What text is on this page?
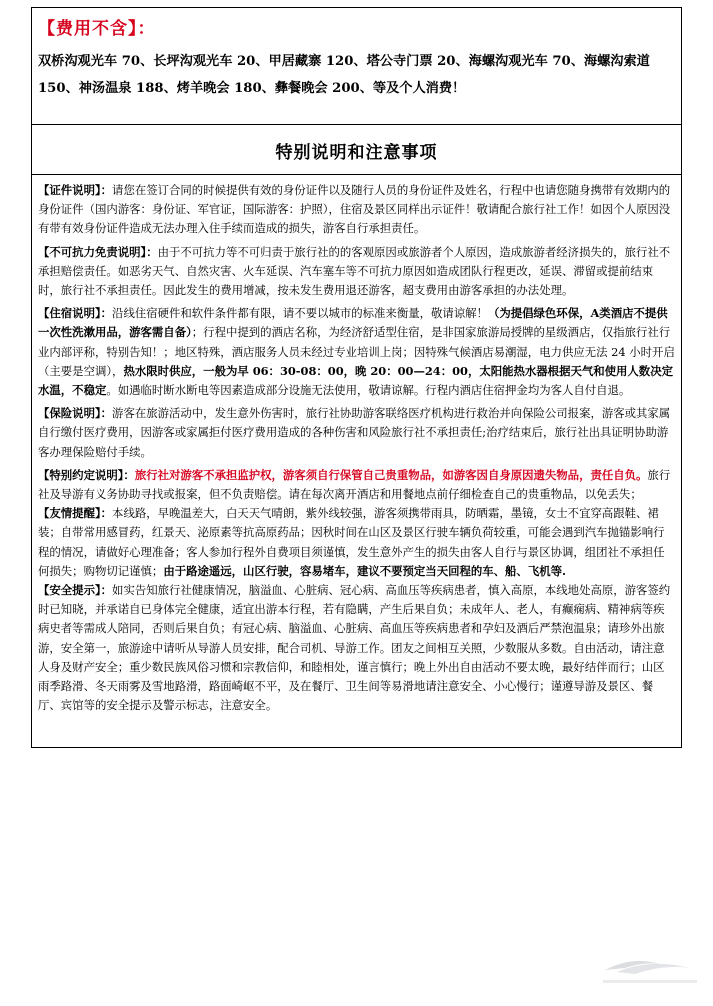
【费用不含】：
双桥沟观光车 70、长坪沟观光车 20、甲居藏寨 120、塔公寺门票 20、海螺沟观光车 70、海螺沟索道 150、神汤温泉 188、烤羊晚会 180、彝餐晚会 200、等及个人消费！
特别说明和注意事项

【证件说明】：请您在签订合同的时候提供有效的身份证件以及随行人员的身份证件及姓名，行程中也请您随身携带有效期内的身份证件（国内游客：身份证、军官证，国际游客：护照），住宿及景区同样出示证件！敬请配合旅行社工作！如因个人原因没有带有效身份证件造成无法办理入住手续而造成的损失，游客自行承担责任。

【不可抗力免责说明】：由于不可抗力等不可归责于旅行社的的客观原因或旅游者个人原因，造成旅游者经济损失的，旅行社不承担赔偿责任。如恶劣天气、自然灾害、火车延误、汽车塞车等不可抗力原因如造成团队行程更改，延误、滞留或提前结束时，旅行社不承担责任。因此发生的费用增减，按未发生费用退还游客，超支费用由游客承担的办法处理。

【住宿说明】：沿线住宿硬件和软件条件都有限，请不要以城市的标准来衡量，敬请谅解！（为提倡绿色环保，A类酒店不提供一次性洗漱用品，游客需自备）；行程中提到的酒店名称，为经济舒适型住宿，是非国家旅游局授牌的星级酒店，仅指旅行社行业内部评称，特别告知！；地区特殊，酒店服务人员未经过专业培训上岗；因特殊气候酒店易潮湿，电力供应无法 24 小时开启（主要是空调），热水限时供应，一般为早 06：30-08：00，晚 20：00—24：00，太阳能热水器根据天气和使用人数决定水温，不稳定。如遇临时断水断电等因素造成部分设施无法使用，敬请谅解。行程内酒店住宿押金均为客人自付自退。

【保险说明】：游客在旅游活动中，发生意外伤害时，旅行社协助游客联络医疗机构进行救治并向保险公司报案，游客或其家属自行缴付医疗费用，因游客或家属拒付医疗费用造成的各种伤害和风险旅行社不承担责任;治疗结束后，旅行社出具证明协助游客办理保险赔付手续。

【特别约定说明】：旅行社对游客不承担监护权，游客须自行保管自己贵重物品，如游客因自身原因遗失物品，责任自负。旅行社及导游有义务协助寻找或报案，但不负责赔偿。请在每次离开酒店和用餐地点前仔细检查自己的贵重物品，以免丢失；

【友情提醒】：本线路，早晚温差大，白天天气晴朗，紫外线较强，游客须携带雨具，防晒霜，墨镜，女士不宜穿高跟鞋、裙装；自带常用感冒药，红景天、泌原素等抗高原药品；因秋时间在山区及景区行驶车辆负荷较重，可能会遇到汽车抛锚影响行程的情况，请做好心理准备；客人参加行程外自费项目须谨慎，发生意外产生的损失由客人自行与景区协调，组团社不承担任何损失；购物切记谨慎；由于路途遥远，山区行驶，容易堵车，建议不要预定当天回程的车、船、飞机等.

【安全提示】：如实告知旅行社健康情况，脑溢血、心脏病、冠心病、高血压等疾病患者，慎入高原，本线地处高原，游客签约时已知晓，并承诺自已身体完全健康，适宜出游本行程，若有隐瞒，产生后果自负；未成年人、老人，有癫痫病、精神病等疾病史者等需成人陪同，否则后果自负；有冠心病、脑溢血、心脏病、高血压等疾病患者和孕妇及酒后严禁泡温泉；请珍外出旅游，安全第一，旅游途中请听从导游人员安排，配合司机、导游工作。团友之间相互关照，少数服从多数。自由活动，请注意人身及财产安全；重少数民族风俗习惯和宗教信仰，和睦相处，谨言慎行；晚上外出自由活动不要太晚，最好结伴而行；山区雨季路滑、冬天雨雾及雪地路滑，路面崎岖不平，及在餐厅、卫生间等易滑地请注意安全、小心慢行；谨遵导游及景区、餐厅、宾馆等的安全提示及警示标志，注意安全。
